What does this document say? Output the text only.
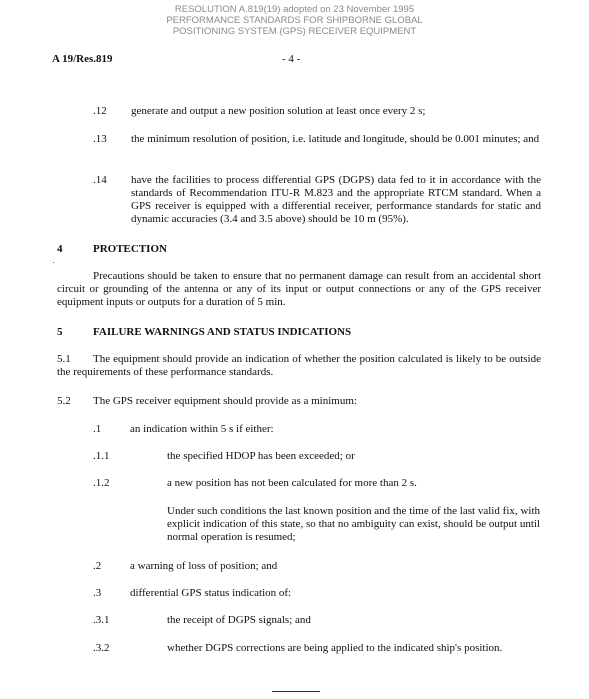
RESOLUTION A.819(19) adopted on 23 November 1995
PERFORMANCE STANDARDS FOR SHIPBORNE GLOBAL
POSITIONING SYSTEM (GPS) RECEIVER EQUIPMENT
A 19/Res.819	- 4 -
.12 generate and output a new position solution at least once every 2 s;
.13 the minimum resolution of position, i.e. latitude and longitude, should be 0.001 minutes; and
.14 have the facilities to process differential GPS (DGPS) data fed to it in accordance with the standards of Recommendation ITU-R M.823 and the appropriate RTCM standard. When a GPS receiver is equipped with a differential receiver, performance standards for static and dynamic accuracies (3.4 and 3.5 above) should be 10 m (95%).
4	PROTECTION
Precautions should be taken to ensure that no permanent damage can result from an accidental short circuit or grounding of the antenna or any of its input or output connections or any of the GPS receiver equipment inputs or outputs for a duration of 5 min.
5	FAILURE WARNINGS AND STATUS INDICATIONS
5.1	The equipment should provide an indication of whether the position calculated is likely to be outside the requirements of these performance standards.
5.2 The GPS receiver equipment should provide as a minimum:
.1	an indication within 5 s if either:
.1.1	the specified HDOP has been exceeded; or
.1.2	a new position has not been calculated for more than 2 s.
Under such conditions the last known position and the time of the last valid fix, with explicit indication of this state, so that no ambiguity can exist, should be output until normal operation is resumed;
.2	a warning of loss of position; and
.3	differential GPS status indication of:
.3.1	the receipt of DGPS signals; and
.3.2	whether DGPS corrections are being applied to the indicated ship's position.
